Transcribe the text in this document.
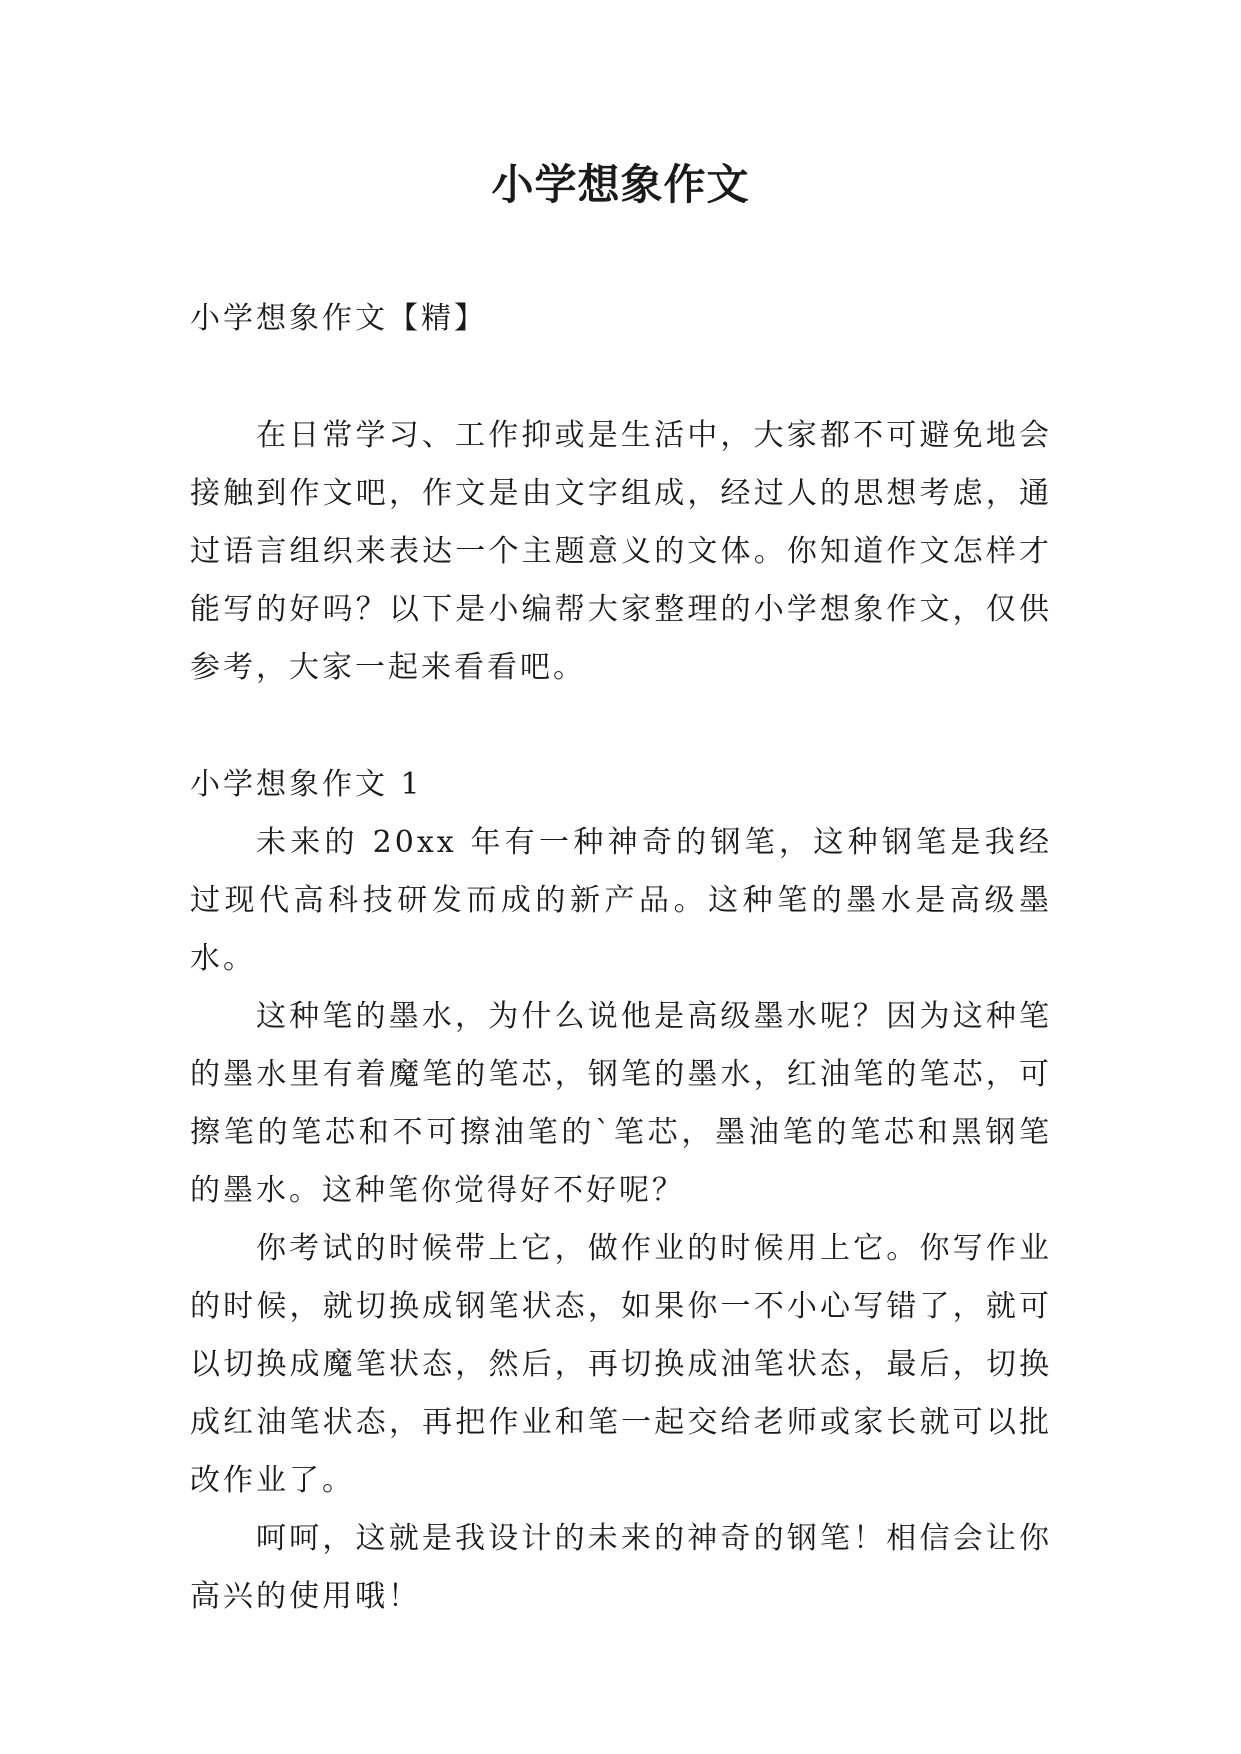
小学想象作文

小学想象作文【精】

在日常学习、工作抑或是生活中，大家都不可避免地会接触到作文吧，作文是由文字组成，经过人的思想考虑，通过语言组织来表达一个主题意义的文体。你知道作文怎样才能写的好吗？以下是小编帮大家整理的小学想象作文，仅供参考，大家一起来看看吧。

小学想象作文 1

未来的 20xx 年有一种神奇的钢笔，这种钢笔是我经过现代高科技研发而成的新产品。这种笔的墨水是高级墨水。

这种笔的墨水，为什么说他是高级墨水呢？因为这种笔的墨水里有着魔笔的笔芯，钢笔的墨水，红油笔的笔芯，可擦笔的笔芯和不可擦油笔的`笔芯，墨油笔的笔芯和黑钢笔的墨水。这种笔你觉得好不好呢？

你考试的时候带上它，做作业的时候用上它。你写作业的时候，就切换成钢笔状态，如果你一不小心写错了，就可以切换成魔笔状态，然后，再切换成油笔状态，最后，切换成红油笔状态，再把作业和笔一起交给老师或家长就可以批改作业了。

呵呵，这就是我设计的未来的神奇的钢笔！相信会让你高兴的使用哦！
